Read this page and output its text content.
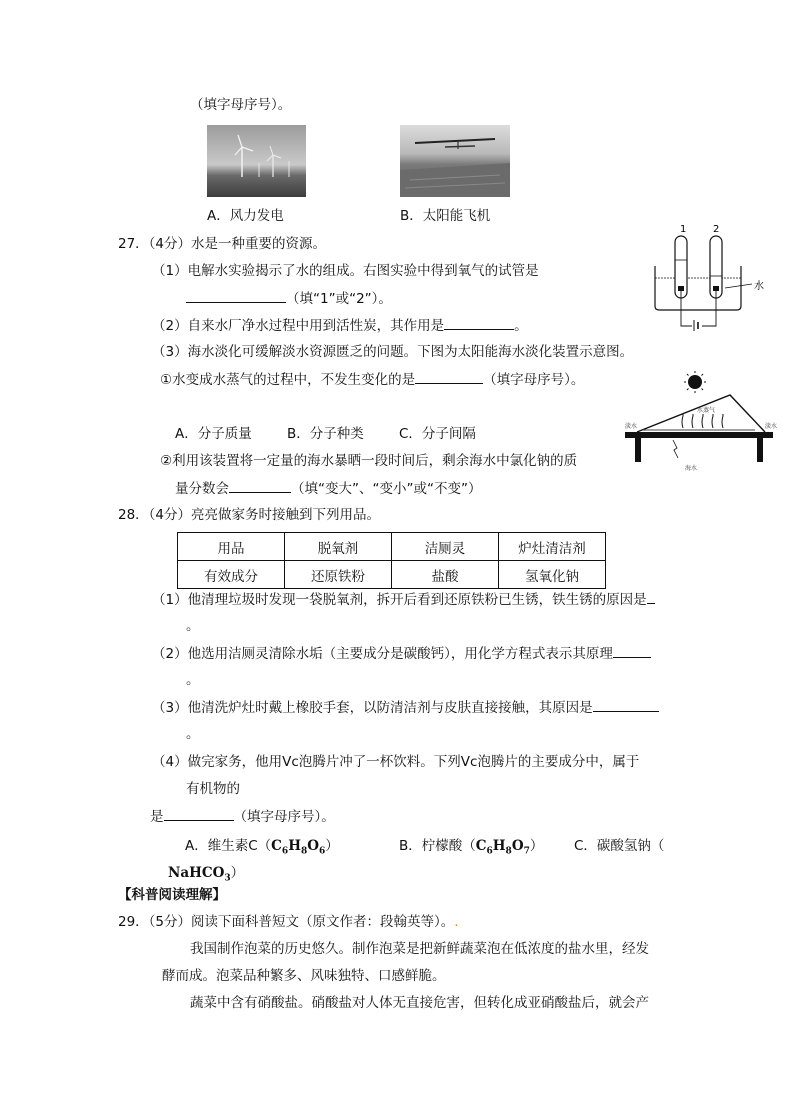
（填字母序号）。
A．风力发电	B．太阳能飞机
27．（4分）水是一种重要的资源。
（1）电解水实验揭示了水的组成。右图实验中得到氧气的试管是
（填“1”或“2”）。
（2）自来水厂净水过程中用到活性炭，其作用是	。
（3）海水淡化可缓解淡水资源匮乏的问题。下图为太阳能海水淡化装置示意图。
①水变成水蒸气的过程中，不发生变化的是	（填字母序号）。
A．分子质量	B．分子种类	C．分子间隔
②利用该装置将一定量的海水暴晒一段时间后，剩余海水中氯化钠的质
量分数会	（填“变大”、“变小”或“不变”）
1	2
水
淡水	淡水
水蒸气
海水
28．（4分）亮亮做家务时接触到下列用品。
用品	脱氧剂	洁厕灵	炉灶清洁剂
有效成分	还原铁粉	盐酸	氢氧化钠
（1）他清理垃圾时发现一袋脱氧剂，拆开后看到还原铁粉已生锈，铁生锈的原因是
。
（2）他选用洁厕灵清除水垢（主要成分是碳酸钙），用化学方程式表示其原理
。
（3）他清洗炉灶时戴上橡胶手套，以防清洁剂与皮肤直接接触，其原因是
。
（4）做完家务，他用Vc泡腾片冲了一杯饮料。下列Vc泡腾片的主要成分中，属于
有机物的
是	（填字母序号）。
A．维生素$C(C_6H_8O_6)$	B．柠檬酸$(C_6H_8O_7)$ C．碳酸氢钠（
NaHCO$_3$）
【科普阅读理解】
29．（5分）阅读下面科普短文（原文作者：段翰英等）。.
我国制作泡菜的历史悠久。制作泡菜是把新鲜蔬菜泡在低浓度的盐水里，经发
酵而成。泡菜品种繁多、风味独特、口感鲜脆。
蔬菜中含有硝酸盐。硝酸盐对人体无直接危害，但转化成亚硝酸盐后，就会产
